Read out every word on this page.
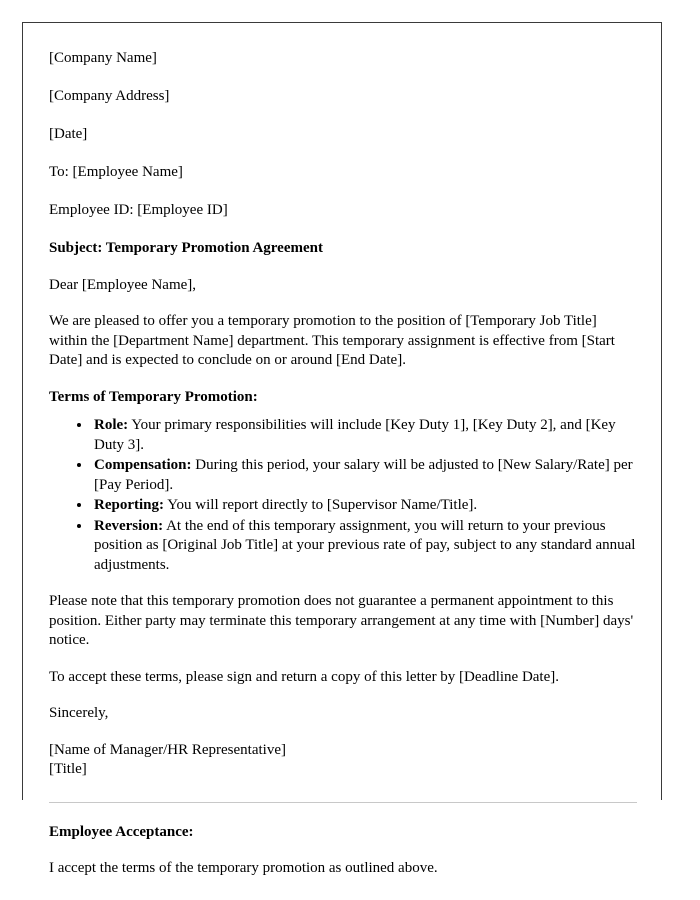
[Company Name]

[Company Address]

[Date]

To: [Employee Name]

Employee ID: [Employee ID]

Subject: Temporary Promotion Agreement

Dear [Employee Name],

We are pleased to offer you a temporary promotion to the position of [Temporary Job Title] within the [Department Name] department. This temporary assignment is effective from [Start Date] and is expected to conclude on or around [End Date].

Terms of Temporary Promotion:

• Role: Your primary responsibilities will include [Key Duty 1], [Key Duty 2], and [Key Duty 3].
• Compensation: During this period, your salary will be adjusted to [New Salary/Rate] per [Pay Period].
• Reporting: You will report directly to [Supervisor Name/Title].
• Reversion: At the end of this temporary assignment, you will return to your previous position as [Original Job Title] at your previous rate of pay, subject to any standard annual adjustments.

Please note that this temporary promotion does not guarantee a permanent appointment to this position. Either party may terminate this temporary arrangement at any time with [Number] days' notice.

To accept these terms, please sign and return a copy of this letter by [Deadline Date].

Sincerely,

[Name of Manager/HR Representative]
[Title]

Employee Acceptance:

I accept the terms of the temporary promotion as outlined above.
